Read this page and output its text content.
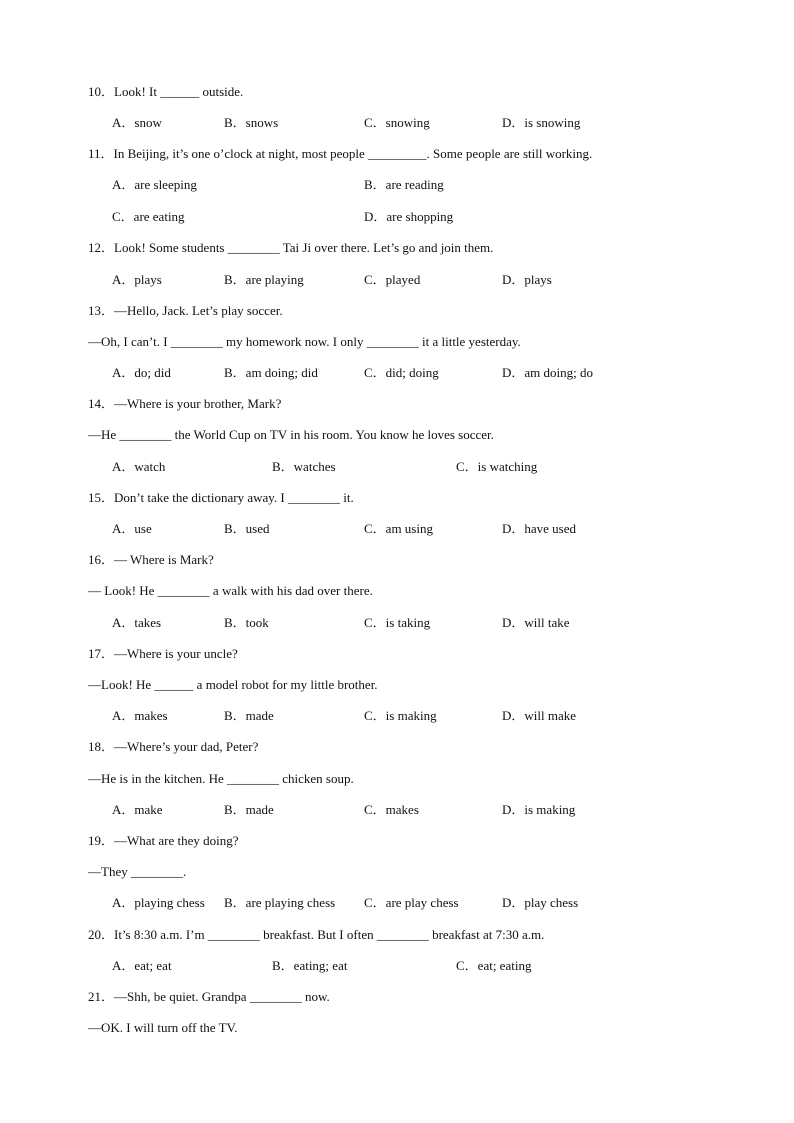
10．Look! It ______ outside.
A．snow	B．snows	C．snowing	D．is snowing
11．In Beijing, it’s one o’clock at night, most people _________. Some people are still working.
A．are sleeping	B．are reading
C．are eating	D．are shopping
12．Look! Some students ________ Tai Ji over there. Let’s go and join them.
A．plays	B．are playing	C．played	D．plays
13．—Hello, Jack. Let’s play soccer.
—Oh, I can’t. I ________ my homework now. I only ________ it a little yesterday.
A．do; did	B．am doing; did	C．did; doing	D．am doing; do
14．—Where is your brother, Mark?
—He ________ the World Cup on TV in his room. You know he loves soccer.
A．watch	B．watches	C．is watching
15．Don’t take the dictionary away. I ________ it.
A．use	B．used	C．am using	D．have used
16．— Where is Mark?
— Look! He ________ a walk with his dad over there.
A．takes	B．took	C．is taking	D．will take
17．—Where is your uncle?
—Look! He ______ a model robot for my little brother.
A．makes	B．made	C．is making	D．will make
18．—Where’s your dad, Peter?
—He is in the kitchen. He ________ chicken soup.
A．make	B．made	C．makes	D．is making
19．—What are they doing?
—They ________.
A．playing chess B．are playing chess C．are play chess	D．play chess
20．It’s 8:30 a.m. I’m ________ breakfast. But I often ________ breakfast at 7:30 a.m.
A．eat; eat	B．eating; eat	C．eat; eating
21．—Shh, be quiet. Grandpa ________ now.
—OK. I will turn off the TV.
